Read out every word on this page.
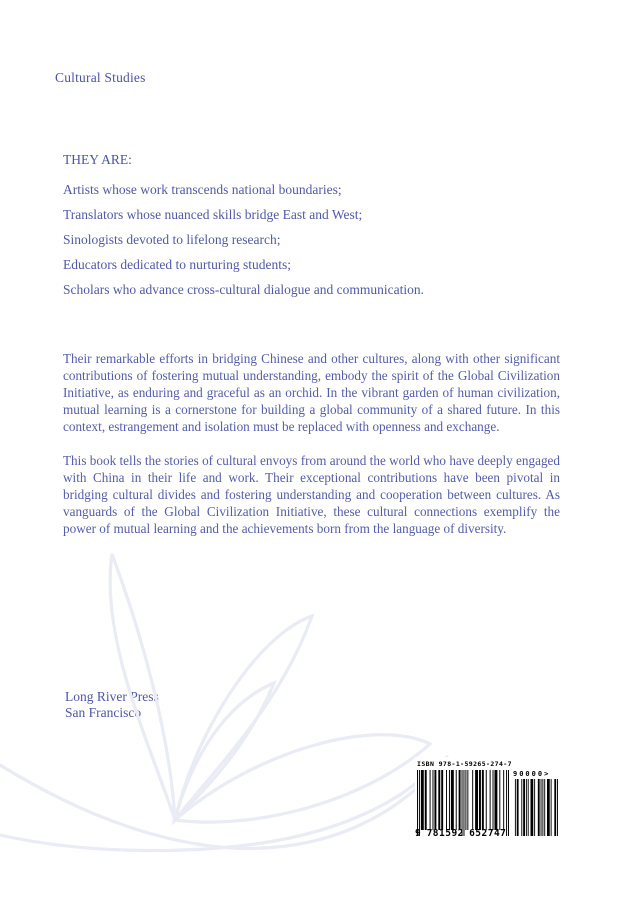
Cultural Studies

THEY ARE:

Artists whose work transcends national boundaries;

Translators whose nuanced skills bridge East and West;

Sinologists devoted to lifelong research;

Educators dedicated to nurturing students;

Scholars who advance cross-cultural dialogue and communication.

Their remarkable efforts in bridging Chinese and other cultures, along with other significant contributions of fostering mutual understanding, embody the spirit of the Global Civilization Initiative, as enduring and graceful as an orchid. In the vibrant garden of human civilization, mutual learning is a cornerstone for building a global community of a shared future. In this context, estrangement and isolation must be replaced with openness and exchange.

This book tells the stories of cultural envoys from around the world who have deeply engaged with China in their life and work. Their exceptional contributions have been pivotal in bridging cultural divides and fostering understanding and cooperation between cultures. As vanguards of the Global Civilization Initiative, these cultural connections exemplify the power of mutual learning and the achievements born from the language of diversity.

Long River Press
San Francisco
ISBN 978-1-59265-274-7
9 781592 652747
90000>
